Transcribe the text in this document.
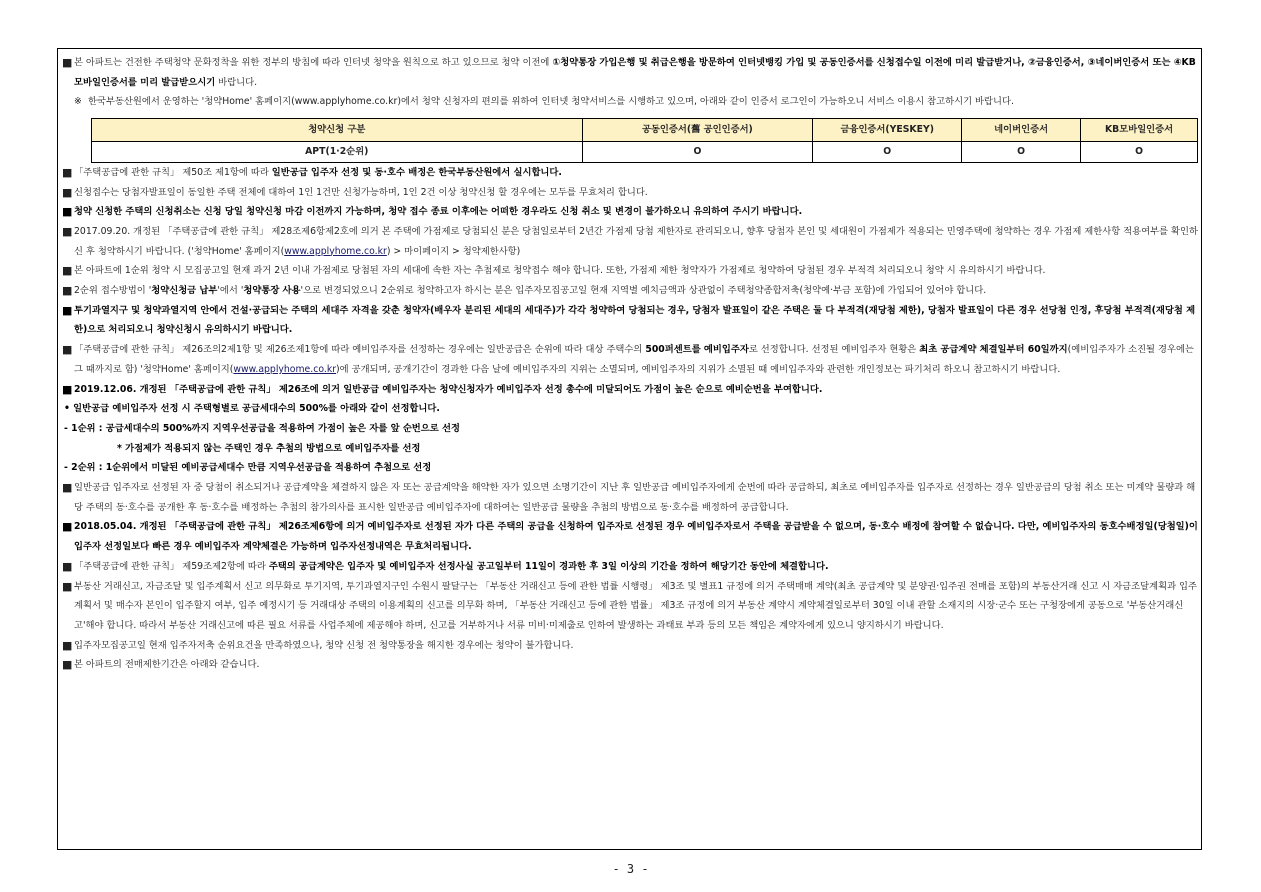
■ 본 아파트는 건전한 주택청약 문화정착을 위한 정부의 방침에 따라 인터넷 청약을 원칙으로 하고 있으므로 청약 이전에 ①청약통장 가입은행 및 취급은행을 방문하여 인터넷뱅킹 가입 및 공동인증서를 신청접수일 이전에 미리 발급받거나, ②금융인증서, ③네이버인증서 또는 ④KB모바일인증서를 미리 발급받으시기 바랍니다.

※ 한국부동산원에서 운영하는 '청약Home' 홈페이지(www.applyhome.co.kr)에서 청약 신청자의 편의를 위하여 인터넷 청약서비스를 시행하고 있으며, 아래와 같이 인증서 로그인이 가능하오니 서비스 이용시 참고하시기 바랍니다.

청약신청 구분	공동인증서(舊 공인인증서)	금융인증서(YESKEY)	네이버인증서	KB모바일인증서
APT(1·2순위)	O	O	O	O

■ 「주택공급에 관한 규칙」 제50조 제1항에 따라 일반공급 입주자 선정 및 동·호수 배정은 한국부동산원에서 실시합니다.

■ 신청접수는 당첨자발표일이 동일한 주택 전체에 대하여 1인 1건만 신청가능하며, 1인 2건 이상 청약신청 할 경우에는 모두를 무효처리 합니다.

■ 청약 신청한 주택의 신청취소는 신청 당일 청약신청 마감 이전까지 가능하며, 청약 접수 종료 이후에는 어떠한 경우라도 신청 취소 및 변경이 불가하오니 유의하여 주시기 바랍니다.

■ 2017.09.20. 개정된 「주택공급에 관한 규칙」 제28조제6항제2호에 의거 본 주택에 가점제로 당첨되신 분은 당첨일로부터 2년간 가점제 당첨 제한자로 관리되오니, 향후 당첨자 본인 및 세대원이 가점제가 적용되는 민영주택에 청약하는 경우 가점제 제한사항 적용여부를 확인하신 후 청약하시기 바랍니다. ('청약Home' 홈페이지(www.applyhome.co.kr) > 마이페이지 > 청약제한사항)

■ 본 아파트에 1순위 청약 시 모집공고일 현재 과거 2년 이내 가점제로 당첨된 자의 세대에 속한 자는 추첨제로 청약접수 해야 합니다. 또한, 가점제 제한 청약자가 가점제로 청약하여 당첨된 경우 부적격 처리되오니 청약 시 유의하시기 바랍니다.

■ 2순위 접수방법이 '청약신청금 납부'에서 '청약통장 사용'으로 변경되었으니 2순위로 청약하고자 하시는 분은 입주자모집공고일 현재 지역별 예치금액과 상관없이 주택청약종합저축(청약예·부금 포함)에 가입되어 있어야 합니다.

■ 투기과열지구 및 청약과열지역 안에서 건설·공급되는 주택의 세대주 자격을 갖춘 청약자(배우자 분리된 세대의 세대주)가 각각 청약하여 당첨되는 경우, 당첨자 발표일이 같은 주택은 둘 다 부적격(재당첨 제한), 당첨자 발표일이 다른 경우 선당첨 인정, 후당첨 부적격(재당첨 제한)으로 처리되오니 청약신청시 유의하시기 바랍니다.

■ 「주택공급에 관한 규칙」 제26조의2제1항 및 제26조제1항에 따라 예비입주자를 선정하는 경우에는 일반공급은 순위에 따라 대상 주택수의 500퍼센트를 예비입주자로 선정합니다. 선정된 예비입주자 현황은 최초 공급계약 체결일부터 60일까지(예비입주자가 소진될 경우에는 그 때까지로 함) '청약Home' 홈페이지(www.applyhome.co.kr)에 공개되며, 공개기간이 경과한 다음 날에 예비입주자의 지위는 소멸되며, 예비입주자의 지위가 소멸된 때 예비입주자와 관련한 개인정보는 파기처리 하오니 참고하시기 바랍니다.

■ 2019.12.06. 개정된 「주택공급에 관한 규칙」 제26조에 의거 일반공급 예비입주자는 청약신청자가 예비입주자 선정 총수에 미달되어도 가점이 높은 순으로 예비순번을 부여합니다.

• 일반공급 예비입주자 선정 시 주택형별로 공급세대수의 500%를 아래와 같이 선정합니다.

- 1순위 : 공급세대수의 500%까지 지역우선공급을 적용하여 가점이 높은 자를 앞 순번으로 선정

* 가점제가 적용되지 않는 주택인 경우 추첨의 방법으로 예비입주자를 선정

- 2순위 : 1순위에서 미달된 예비공급세대수 만큼 지역우선공급을 적용하여 추첨으로 선정

■ 일반공급 입주자로 선정된 자 중 당첨이 취소되거나 공급계약을 체결하지 않은 자 또는 공급계약을 해약한 자가 있으면 소명기간이 지난 후 일반공급 예비입주자에게 순번에 따라 공급하되, 최초로 예비입주자를 입주자로 선정하는 경우 일반공급의 당첨 취소 또는 미계약 물량과 해당 주택의 동·호수를 공개한 후 동·호수를 배정하는 추첨의 참가의사를 표시한 일반공급 예비입주자에 대하여는 일반공급 물량을 추첨의 방법으로 동·호수를 배정하여 공급합니다.

■ 2018.05.04. 개정된 「주택공급에 관한 규칙」 제26조제6항에 의거 예비입주자로 선정된 자가 다른 주택의 공급을 신청하여 입주자로 선정된 경우 예비입주자로서 주택을 공급받을 수 없으며, 동·호수 배정에 참여할 수 없습니다. 다만, 예비입주자의 동호수배정일(당첨일)이 입주자 선정일보다 빠른 경우 예비입주자 계약체결은 가능하며 입주자선정내역은 무효처리됩니다.

■ 「주택공급에 관한 규칙」 제59조제2항에 따라 주택의 공급계약은 입주자 및 예비입주자 선정사실 공고일부터 11일이 경과한 후 3일 이상의 기간을 정하여 해당기간 동안에 체결합니다.

■ 부동산 거래신고, 자금조달 및 입주계획서 신고 의무화로 투기지역, 투기과열지구인 수원시 팔달구는 「부동산 거래신고 등에 관한 법률 시행령」 제3조 및 별표1 규정에 의거 주택매매 계약(최초 공급계약 및 분양권·입주권 전매를 포함)의 부동산거래 신고 시 자금조달계획과 입주계획서 및 매수자 본인이 입주할지 여부, 입주 예정시기 등 거래대상 주택의 이용계획의 신고를 의무화 하며, 「부동산 거래신고 등에 관한 법률」 제3조 규정에 의거 부동산 계약시 계약체결일로부터 30일 이내 관할 소재지의 시장·군수 또는 구청장에게 공동으로 '부동산거래신고'해야 합니다. 따라서 부동산 거래신고에 따른 필요 서류를 사업주체에 제공해야 하며, 신고를 거부하거나 서류 미비·미제출로 인하여 발생하는 과태료 부과 등의 모든 책임은 계약자에게 있으니 양지하시기 바랍니다.

■ 입주자모집공고일 현재 입주자저축 순위요건을 만족하였으나, 청약 신청 전 청약통장을 해지한 경우에는 청약이 불가합니다.

■ 본 아파트의 전매제한기간은 아래와 같습니다.

- 3 -
